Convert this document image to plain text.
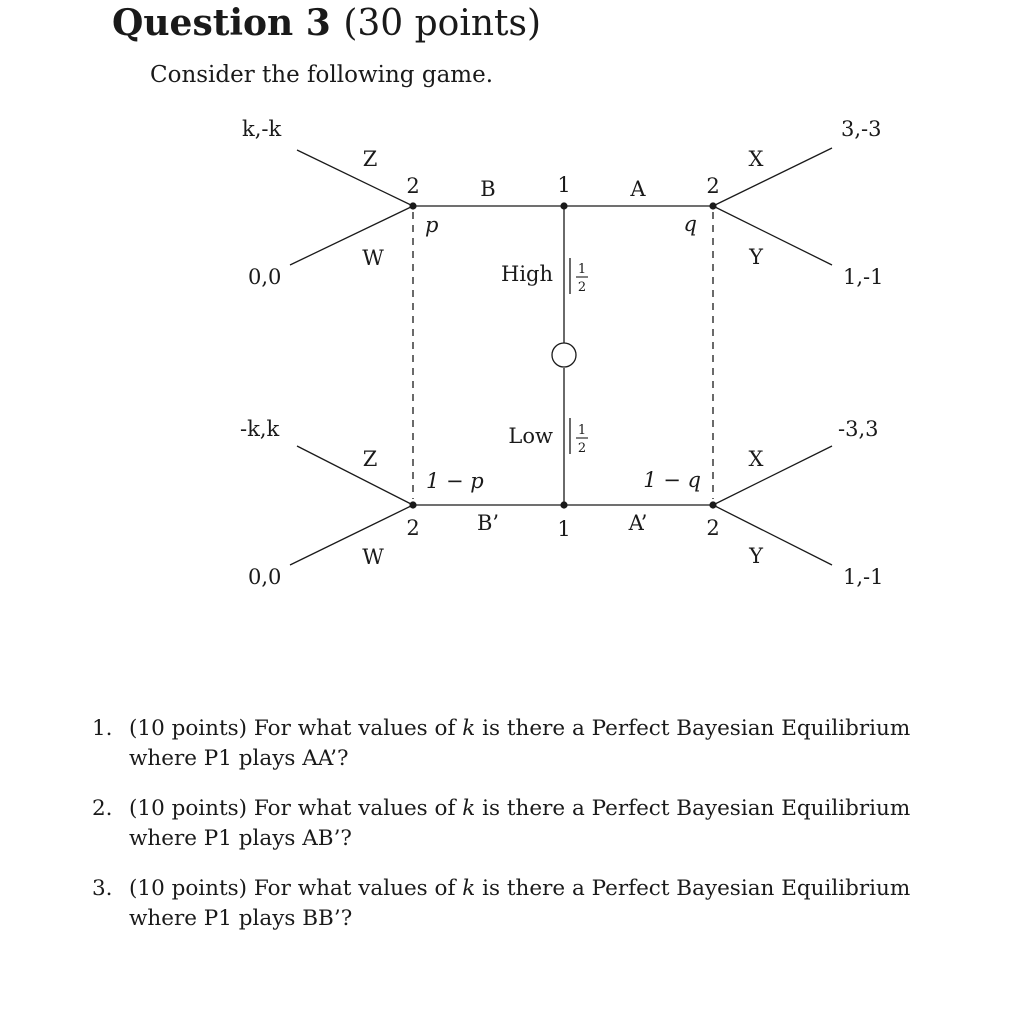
Question 3 (30 points)
Consider the following game.
1
1
2	2
2	2
B	A
B’	A’
Z
W
Z
W
X
Y
X
Y
High 1
2
Low 1
2
p
1 − p
q
1 − q
k,-k
0,0
-k,k
0,0
3,-3
1,-1
-3,3
1,-1
1. (10 points) For what values of k is there a Perfect Bayesian Equilibrium where P1 plays AA’?
2. (10 points) For what values of k is there a Perfect Bayesian Equilibrium where P1 plays AB’?
3. (10 points) For what values of k is there a Perfect Bayesian Equilibrium where P1 plays BB’?
